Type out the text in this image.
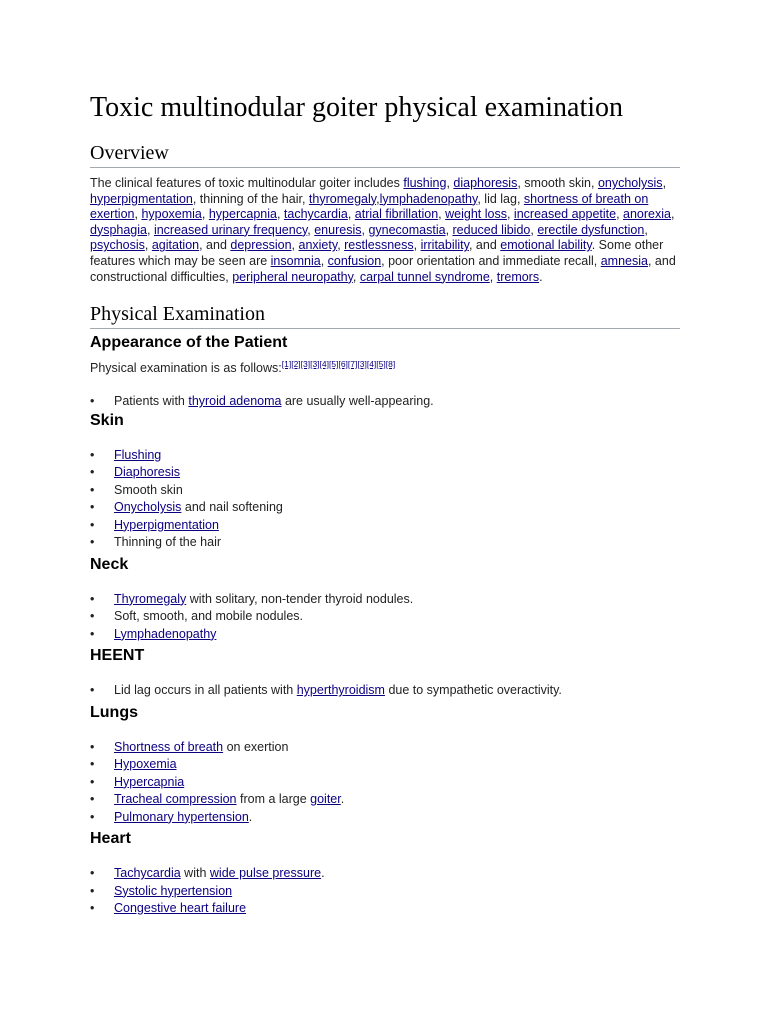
Toxic multinodular goiter physical examination
Overview

The clinical features of toxic multinodular goiter includes flushing, diaphoresis, smooth skin, onycholysis, hyperpigmentation, thinning of the hair, thyromegaly,lymphadenopathy, lid lag, shortness of breath on exertion, hypoxemia, hypercapnia, tachycardia, atrial fibrillation, weight loss, increased appetite, anorexia, dysphagia, increased urinary frequency, enuresis, gynecomastia, reduced libido, erectile dysfunction, psychosis, agitation, and depression, anxiety, restlessness, irritability, and emotional lability. Some other features which may be seen are insomnia, confusion, poor orientation and immediate recall, amnesia, and constructional difficulties, peripheral neuropathy, carpal tunnel syndrome, tremors.

Physical Examination
Appearance of the Patient

Physical examination is as follows:[1][2][3][3][4][5][6][7][3][4][5][8]

• Patients with thyroid adenoma are usually well-appearing.
Skin
• Flushing
• Diaphoresis
• Smooth skin
• Onycholysis and nail softening
• Hyperpigmentation
• Thinning of the hair
Neck
• Thyromegaly with solitary, non-tender thyroid nodules.
• Soft, smooth, and mobile nodules.
• Lymphadenopathy
HEENT
• Lid lag occurs in all patients with hyperthyroidism due to sympathetic overactivity.
Lungs
• Shortness of breath on exertion
• Hypoxemia
• Hypercapnia
• Tracheal compression from a large goiter.
• Pulmonary hypertension.
Heart
• Tachycardia with wide pulse pressure.
• Systolic hypertension
• Congestive heart failure
